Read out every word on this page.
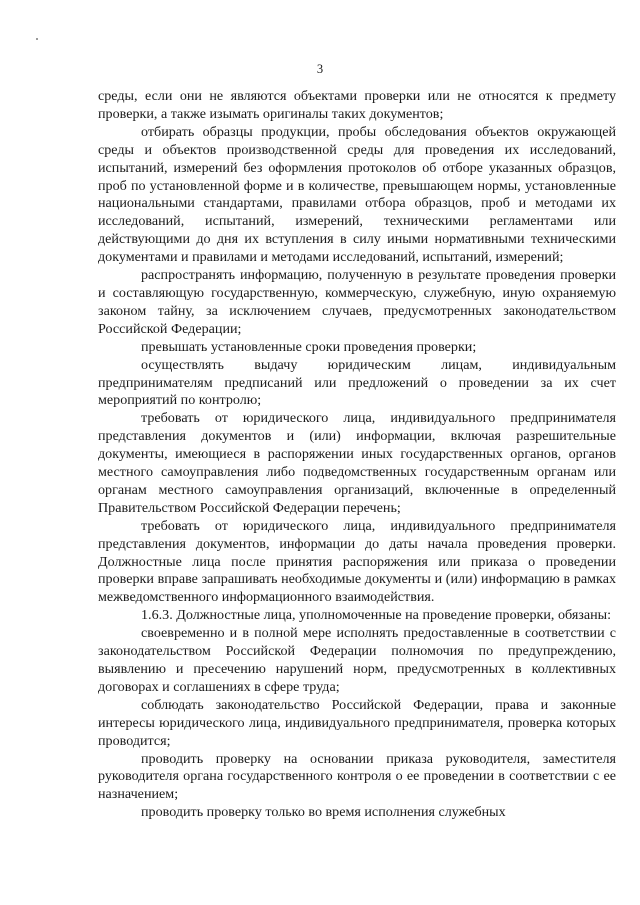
3

среды, если они не являются объектами проверки или не относятся к предмету проверки, а также изымать оригиналы таких документов;

отбирать образцы продукции, пробы обследования объектов окружающей среды и объектов производственной среды для проведения их исследований, испытаний, измерений без оформления протоколов об отборе указанных образцов, проб по установленной форме и в количестве, превышающем нормы, установленные национальными стандартами, правилами отбора образцов, проб и методами их исследований, испытаний, измерений, техническими регламентами или действующими до дня их вступления в силу иными нормативными техническими документами и правилами и методами исследований, испытаний, измерений;

распространять информацию, полученную в результате проведения проверки и составляющую государственную, коммерческую, служебную, иную охраняемую законом тайну, за исключением случаев, предусмотренных законодательством Российской Федерации;

превышать установленные сроки проведения проверки;

осуществлять выдачу юридическим лицам, индивидуальным предпринимателям предписаний или предложений о проведении за их счет мероприятий по контролю;

требовать от юридического лица, индивидуального предпринимателя представления документов и (или) информации, включая разрешительные документы, имеющиеся в распоряжении иных государственных органов, органов местного самоуправления либо подведомственных государственным органам или органам местного самоуправления организаций, включенные в определенный Правительством Российской Федерации перечень;

требовать от юридического лица, индивидуального предпринимателя представления документов, информации до даты начала проведения проверки. Должностные лица после принятия распоряжения или приказа о проведении проверки вправе запрашивать необходимые документы и (или) информацию в рамках межведомственного информационного взаимодействия.

1.6.3. Должностные лица, уполномоченные на проведение проверки, обязаны:

своевременно и в полной мере исполнять предоставленные в соответствии с законодательством Российской Федерации полномочия по предупреждению, выявлению и пресечению нарушений норм, предусмотренных в коллективных договорах и соглашениях в сфере труда;

соблюдать законодательство Российской Федерации, права и законные интересы юридического лица, индивидуального предпринимателя, проверка которых проводится;

проводить проверку на основании приказа руководителя, заместителя руководителя органа государственного контроля о ее проведении в соответствии с ее назначением;

проводить проверку только во время исполнения служебных
